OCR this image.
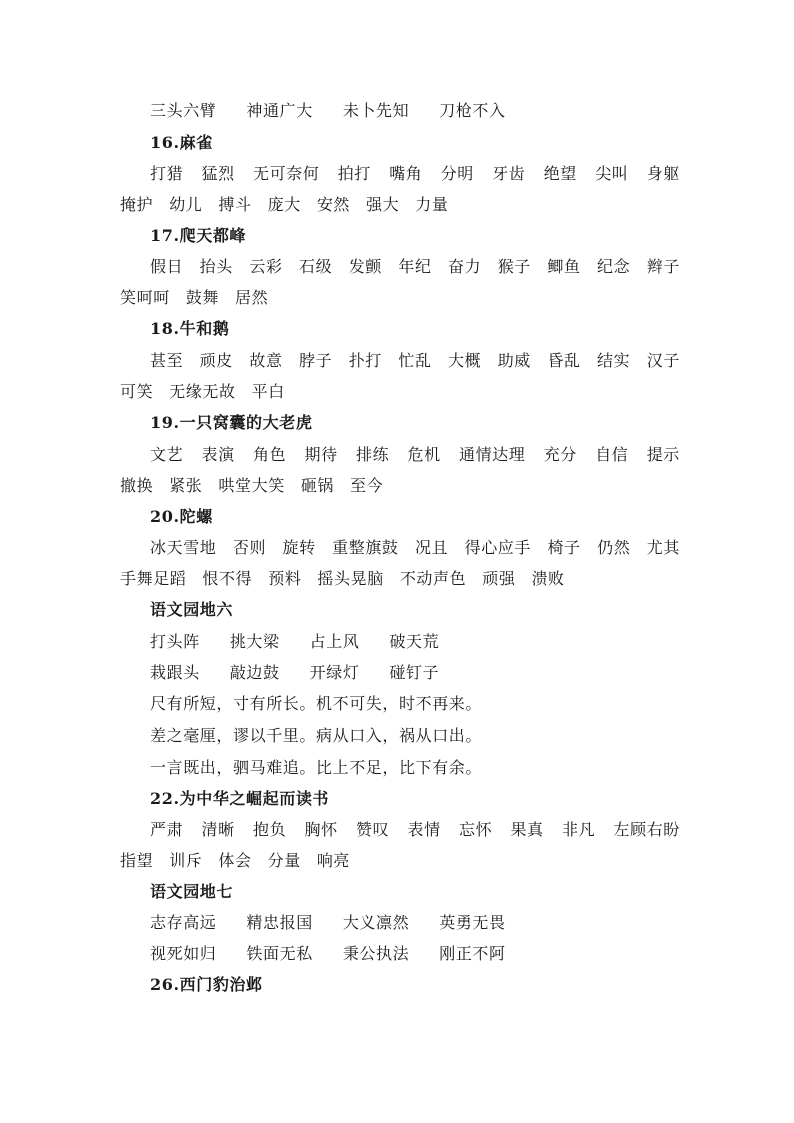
三头六臂 神通广大 未卜先知 刀枪不入
16.麻雀
打猎 猛烈 无可奈何 拍打 嘴角 分明 牙齿 绝望 尖叫 身躯
掩护 幼儿 搏斗 庞大 安然 强大 力量
17.爬天都峰
假日 抬头 云彩 石级 发颤 年纪 奋力 猴子 鲫鱼 纪念 辫子
笑呵呵 鼓舞 居然
18.牛和鹅
甚至 顽皮 故意 脖子 扑打 忙乱 大概 助威 昏乱 结实 汉子
可笑 无缘无故 平白
19.一只窝囊的大老虎
文艺 表演 角色 期待 排练 危机 通情达理 充分 自信 提示
撤换 紧张 哄堂大笑 砸锅 至今
20.陀螺
冰天雪地 否则 旋转 重整旗鼓 况且 得心应手 椅子 仍然 尤其
手舞足蹈 恨不得 预料 摇头晃脑 不动声色 顽强 溃败
语文园地六
打头阵 挑大梁 占上风 破天荒
栽跟头 敲边鼓 开绿灯 碰钉子
尺有所短，寸有所长。机不可失，时不再来。
差之毫厘，谬以千里。病从口入，祸从口出。
一言既出，驷马难追。比上不足，比下有余。
22.为中华之崛起而读书
严肃 清晰 抱负 胸怀 赞叹 表情 忘怀 果真 非凡 左顾右盼
指望 训斥 体会 分量 响亮
语文园地七
志存高远 精忠报国 大义凛然 英勇无畏
视死如归 铁面无私 秉公执法 刚正不阿
26.西门豹治邺
